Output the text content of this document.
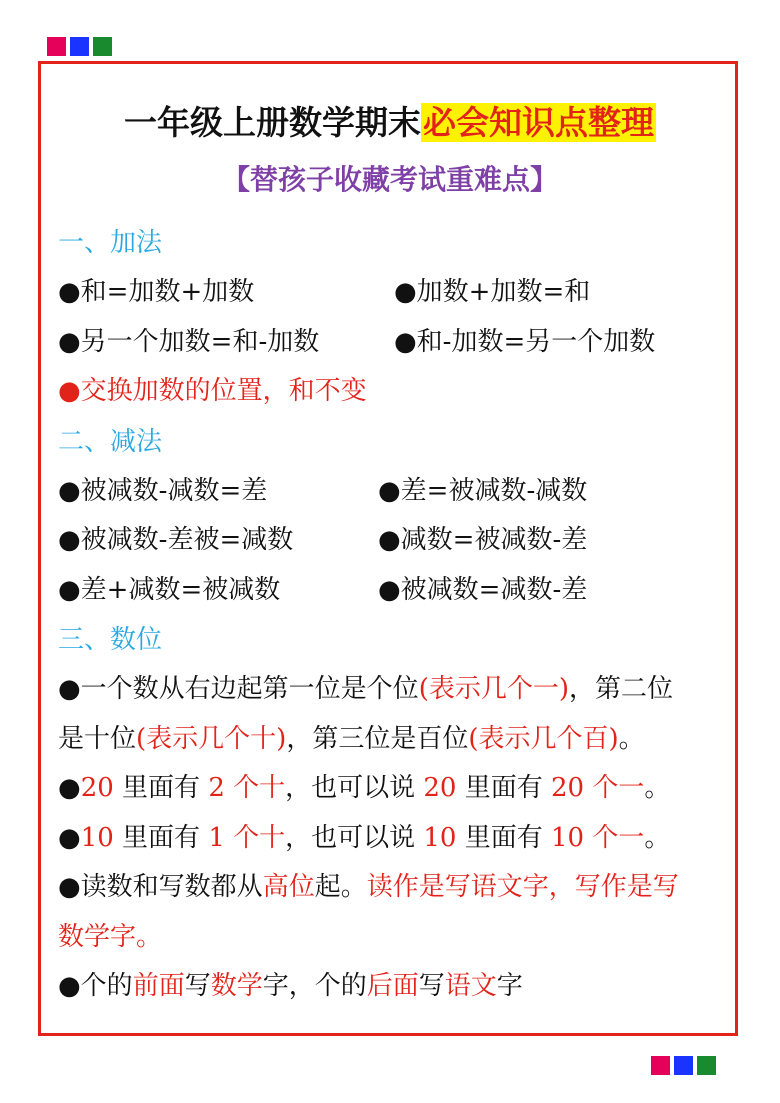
一年级上册数学期末必会知识点整理
【替孩子收藏考试重难点】
一、加法
●和=加数+加数	●加数+加数=和
●另一个加数=和-加数	●和-加数=另一个加数
●交换加数的位置，和不变
二、减法
●被减数-减数=差	●差=被减数-减数
●被减数-差被=减数	●减数=被减数-差
●差+减数=被减数	●被减数=减数-差
三、数位
●一个数从右边起第一位是个位(表示几个一)，第二位
是十位(表示几个十)，第三位是百位(表示几个百)。
●20 里面有 2 个十，也可以说 20 里面有 20 个一。
●10 里面有 1 个十，也可以说 10 里面有 10 个一。
●读数和写数都从高位起。读作是写语文字，写作是写
数学字。
●个的前面写数学字，个的后面写语文字
